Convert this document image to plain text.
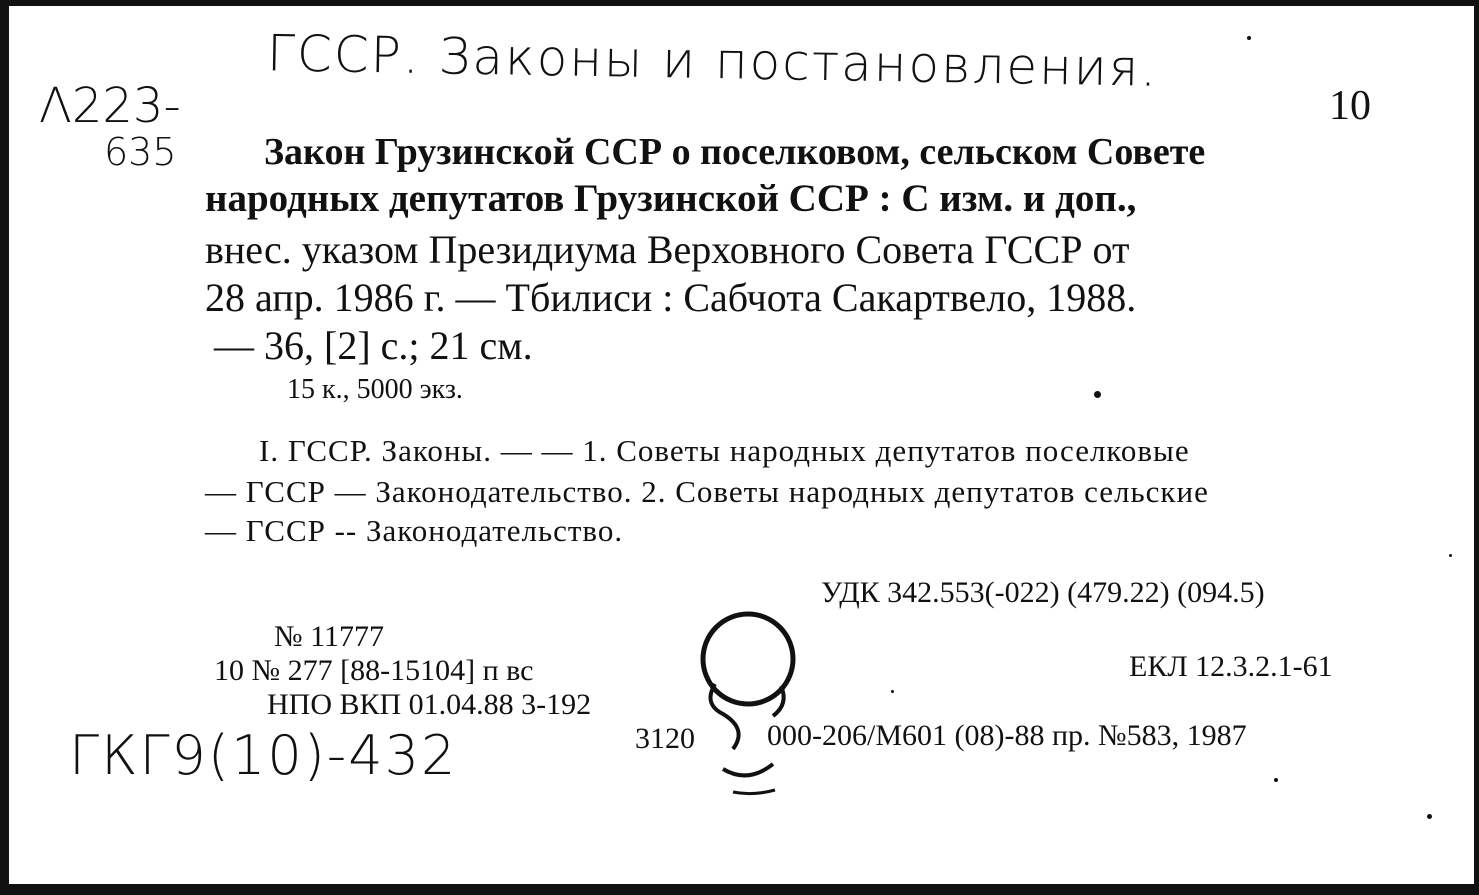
ГССР. Законы и постановления.
Λ223-
635
10
Закон Грузинской ССР о поселковом, сельском Совете
народных депутатов Грузинской ССР : С изм. и доп.,
внес. указом Президиума Верховного Совета ГССР от
28 апр. 1986 г. — Тбилиси : Сабчота Сакартвело, 1988.
— 36, [2] с.; 21 см.
15 к., 5000 экз.
I. ГССР. Законы. — — 1. Советы народных депутатов поселковые
— ГССР — Законодательство. 2. Советы народных депутатов сельские
— ГССР -- Законодательство.
УДК 342.553(-022) (479.22) (094.5)
№ 11777
10 № 277 [88-15104] п вс	ЕКЛ 12.3.2.1-61
НПО ВКП 01.04.88 3-192
3120 000-206/М601 (08)-88 пр. №583, 1987
ГКГ9(10)-432
